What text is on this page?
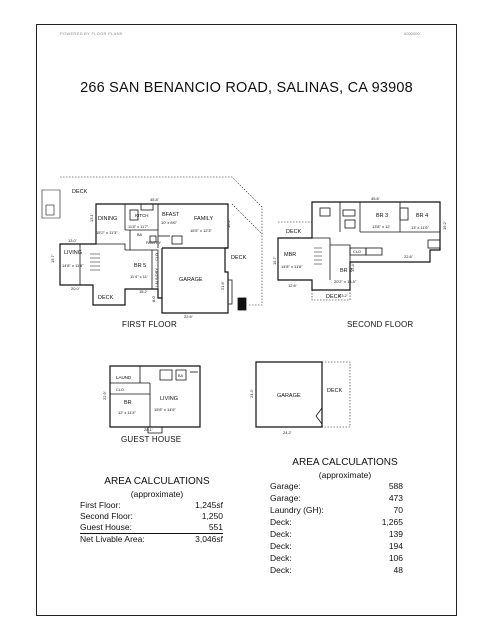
POWERED BY FLOOR PLANS	0000000
266 SAN BENANCIO ROAD, SALINAS, CA 93908
DECK
DINING
15'2" x 11'3"
KITCH
11'8" x 11'7"
BFAST
10' x 8'6"
FAMILY
16'5" x 12'3"
PANTRY
LIVING
14'8" x 11'8"	BR 5
11'4" x 11'
GARAGE
LAUNDRY
CLO	DECK
DECK
BA
45.8'
15.7'
13.0'
13.1'
20.0'
15.2'
22.6'
16.2'
21.6'
8.0'
DECK
MBR
14'8" x 11'6"
BR 2
20'2" x 13,5"
BR 3
13'8" x 12'
BR 4
13' x 11'6"
CLO
DECK
45.6'
15.7'
12.6'
23.2'
16.2'
22.6'
15.4'
LAUND	BA
CLO
BR
12' x 11'4"
LIVING
15'8" x 14'6"
22.9'
28.1'
GARAGE
DECK
24.3'
24.2'
FIRST FLOOR	SECOND FLOOR
GUEST HOUSE
AREA CALCULATIONS
(approximate)
First Floor:	1,245sf
Second Floor:	1,250
Guest House:	551
Net Livable Area:	3,046sf
AREA CALCULATIONS
(approximate)
Garage:	588
Garage:	473
Laundry (GH):	70
Deck:	1,265
Deck:	139
Deck:	194
Deck:	106
Deck:	48
